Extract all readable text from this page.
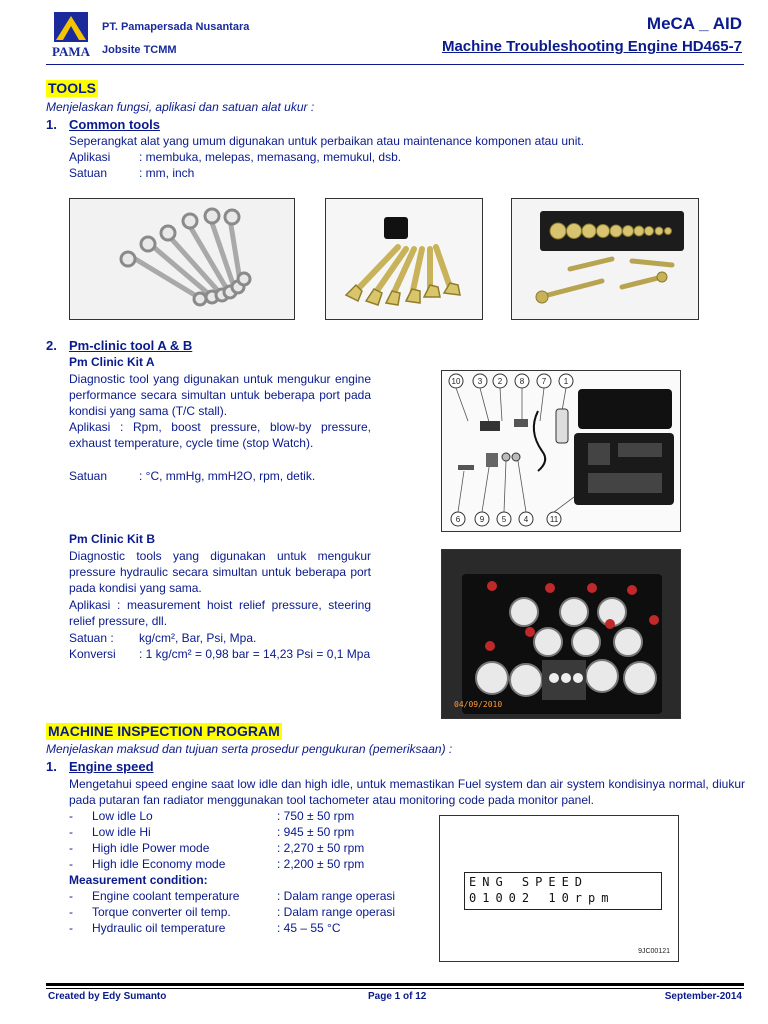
PAMA
PT. Pamapersada Nusantara
Jobsite TCMM
MeCA _ AID
Machine Troubleshooting Engine HD465-7
TOOLS
Menjelaskan fungsi, aplikasi dan satuan alat ukur :
1. Common tools
Seperangkat alat yang umum digunakan untuk perbaikan atau maintenance komponen atau unit.
Aplikasi : membuka, melepas, memasang, memukul, dsb.
Satuan	: mm, inch
2. Pm-clinic tool A & B
Pm Clinic Kit A
Diagnostic tool yang digunakan untuk mengukur engine performance secara simultan untuk beberapa port pada kondisi yang sama (T/C stall).
Aplikasi : Rpm, boost pressure, blow-by pressure, exhaust temperature, cycle time (stop Watch).
Satuan	: °C, mmHg, mmH2O, rpm, detik.
10 3 2 8 7 1
6 9 5 4	11
Pm Clinic Kit B
Diagnostic tools yang digunakan untuk mengukur pressure hydraulic secara simultan untuk beberapa port pada kondisi yang sama.
Aplikasi : measurement hoist relief pressure, steering relief pressure, dll.
Satuan : kg/cm², Bar, Psi, Mpa.
Konversi : 1 kg/cm² = 0,98 bar = 14,23 Psi = 0,1 Mpa
04/09/2010
MACHINE INSPECTION PROGRAM
Menjelaskan maksud dan tujuan serta prosedur pengukuran (pemeriksaan) :
1. Engine speed
Mengetahui speed engine saat low idle dan high idle, untuk memastikan Fuel system dan air system kondisinya normal, diukur pada putaran fan radiator menggunakan tool tachometer atau monitoring code pada monitor panel.
- Low idle Lo	: 750 ± 50 rpm
- Low idle Hi	: 945 ± 50 rpm
- High idle Power mode	: 2,270 ± 50 rpm
- High idle Economy mode	: 2,200 ± 50 rpm
Measurement condition:
- Engine coolant temperature	: Dalam range operasi
- Torque converter oil temp.	: Dalam range operasi
- Hydraulic oil temperature	: 45 – 55 °C
ENG SPEED
01002 10rpm
9JC00121
Created by Edy Sumanto	Page 1 of 12	September-2014
